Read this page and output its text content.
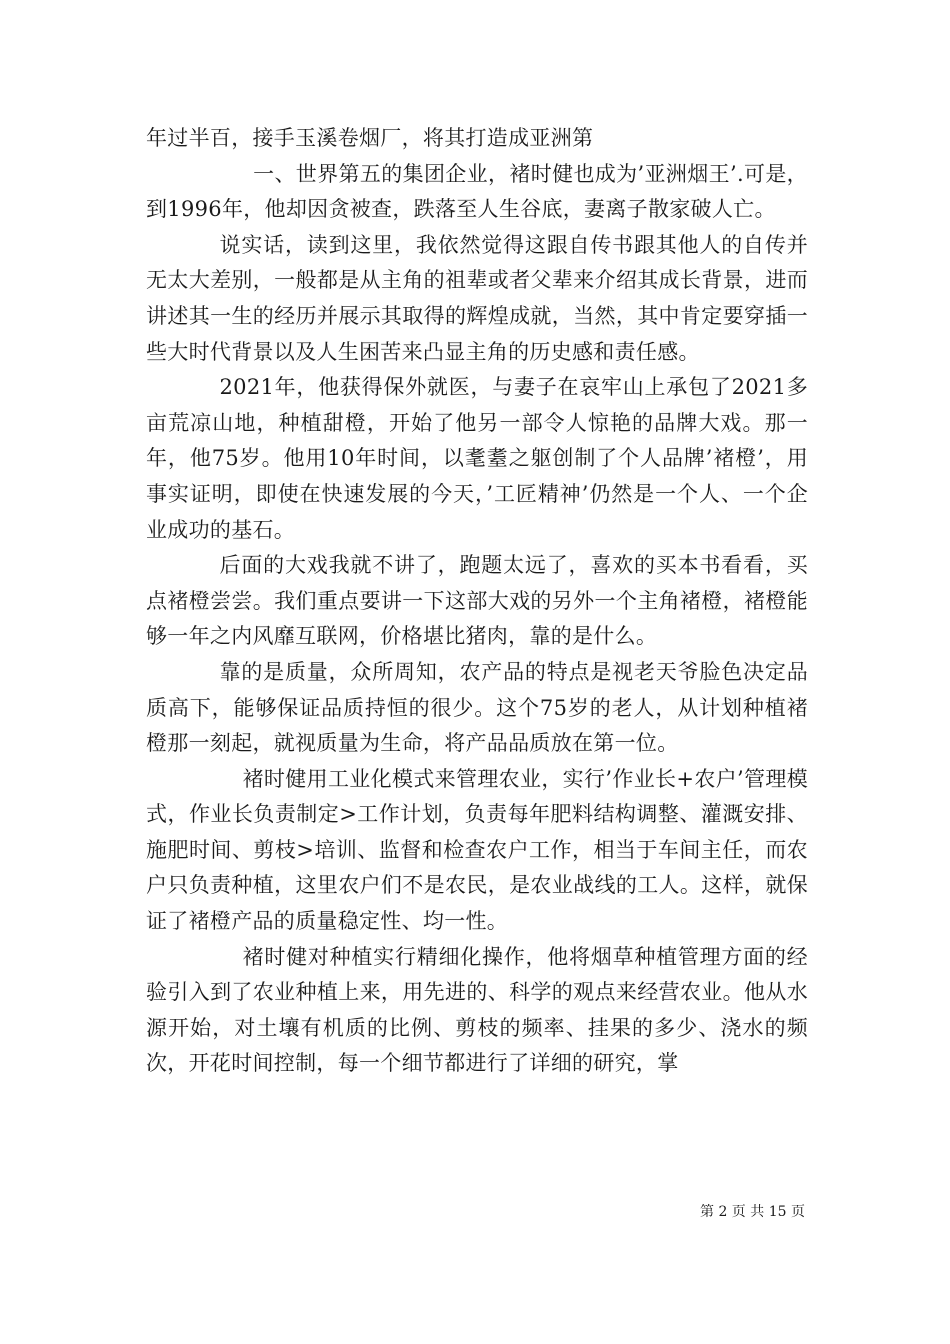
年过半百，接手玉溪卷烟厂，将其打造成亚洲第

一、世界第五的集团企业，褚时健也成为’亚洲烟王’.可是，到1996年，他却因贪被查，跌落至人生谷底，妻离子散家破人亡。

说实话，读到这里，我依然觉得这跟自传书跟其他人的自传并无太大差别，一般都是从主角的祖辈或者父辈来介绍其成长背景，进而讲述其一生的经历并展示其取得的辉煌成就，当然，其中肯定要穿插一些大时代背景以及人生困苦来凸显主角的历史感和责任感。

2021年，他获得保外就医，与妻子在哀牢山上承包了2021多亩荒凉山地，种植甜橙，开始了他另一部令人惊艳的品牌大戏。那一年，他75岁。他用10年时间，以耄耋之躯创制了个人品牌’褚橙’，用事实证明，即使在快速发展的今天，’工匠精神’仍然是一个人、一个企业成功的基石。

后面的大戏我就不讲了，跑题太远了，喜欢的买本书看看，买点褚橙尝尝。我们重点要讲一下这部大戏的另外一个主角褚橙，褚橙能够一年之内风靡互联网，价格堪比猪肉，靠的是什么。

靠的是质量，众所周知，农产品的特点是视老天爷脸色决定品质高下，能够保证品质持恒的很少。这个75岁的老人，从计划种植褚橙那一刻起，就视质量为生命，将产品品质放在第一位。

褚时健用工业化模式来管理农业，实行’作业长+农户’管理模式，作业长负责制定>工作计划，负责每年肥料结构调整、灌溉安排、施肥时间、剪枝>培训、监督和检查农户工作，相当于车间主任，而农户只负责种植，这里农户们不是农民，是农业战线的工人。这样，就保证了褚橙产品的质量稳定性、均一性。

褚时健对种植实行精细化操作，他将烟草种植管理方面的经验引入到了农业种植上来，用先进的、科学的观点来经营农业。他从水源开始，对土壤有机质的比例、剪枝的频率、挂果的多少、浇水的频次，开花时间控制，每一个细节都进行了详细的研究，掌

第 2 页 共 15 页
